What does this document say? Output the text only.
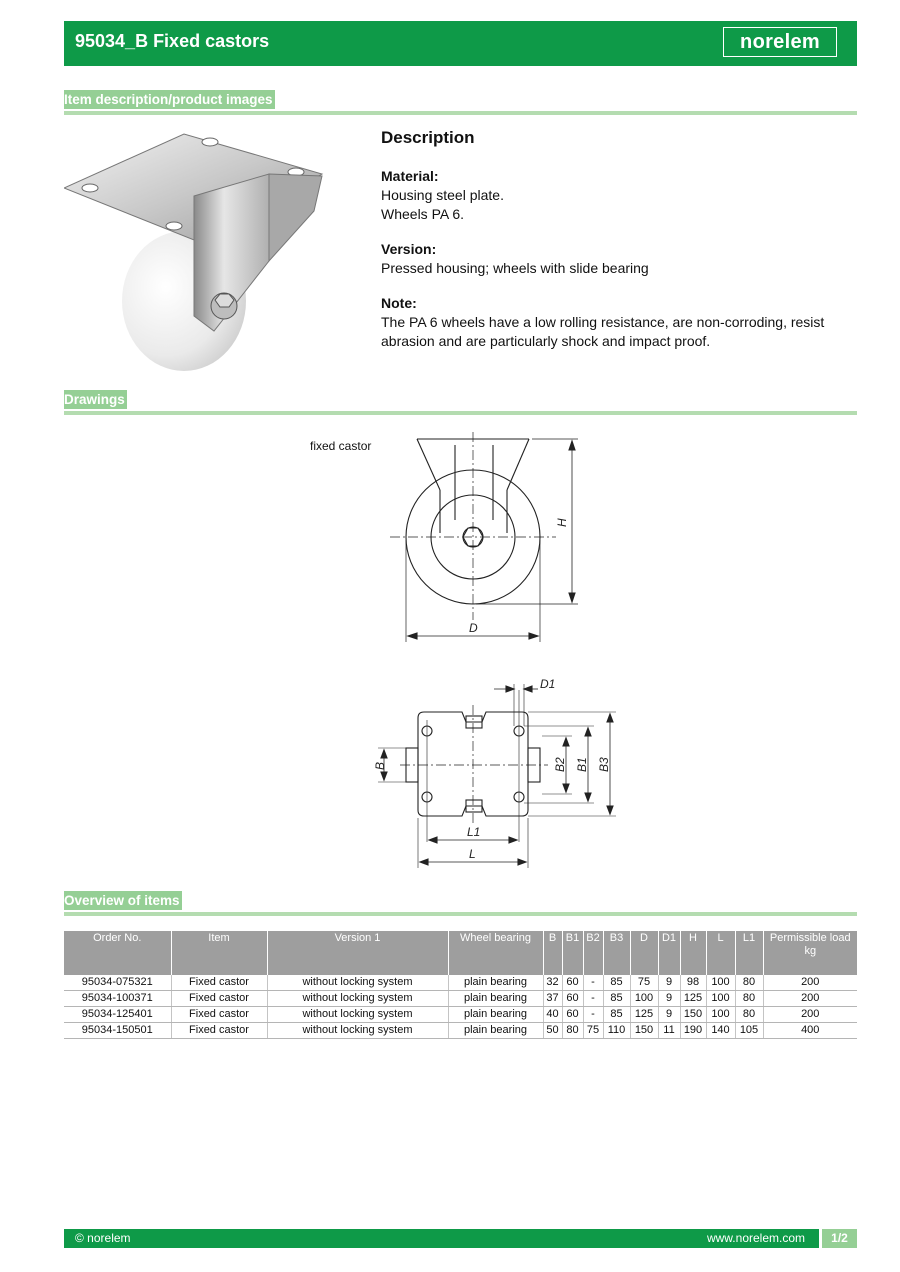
95034_B Fixed castors	norelem
Item description/product images
Description
Material:

Housing steel plate.
Wheels PA 6.

Version:

Pressed housing; wheels with slide bearing

Note:

The PA 6 wheels have a low rolling resistance, are non-corroding, resist abrasion and are particularly shock and impact proof.

Drawings
fixed castor
H
D
D1
B	B2 B1 B3
L1
L
Overview of items
Order No.	Item	Version 1	Wheel bearing	B	B1	B2	B3	D	D1	H	L	L1	Permissible load kg
95034-075321	Fixed castor	without locking system	plain bearing	32	60	-	85	75	9	98	100	80	200
95034-100371	Fixed castor	without locking system	plain bearing	37	60	-	85	100	9	125	100	80	200
95034-125401	Fixed castor	without locking system	plain bearing	40	60	-	85	125	9	150	100	80	200
95034-150501	Fixed castor	without locking system	plain bearing	50	80	75	110	150	11	190	140	105	400
© norelem	www.norelem.com	1/2
